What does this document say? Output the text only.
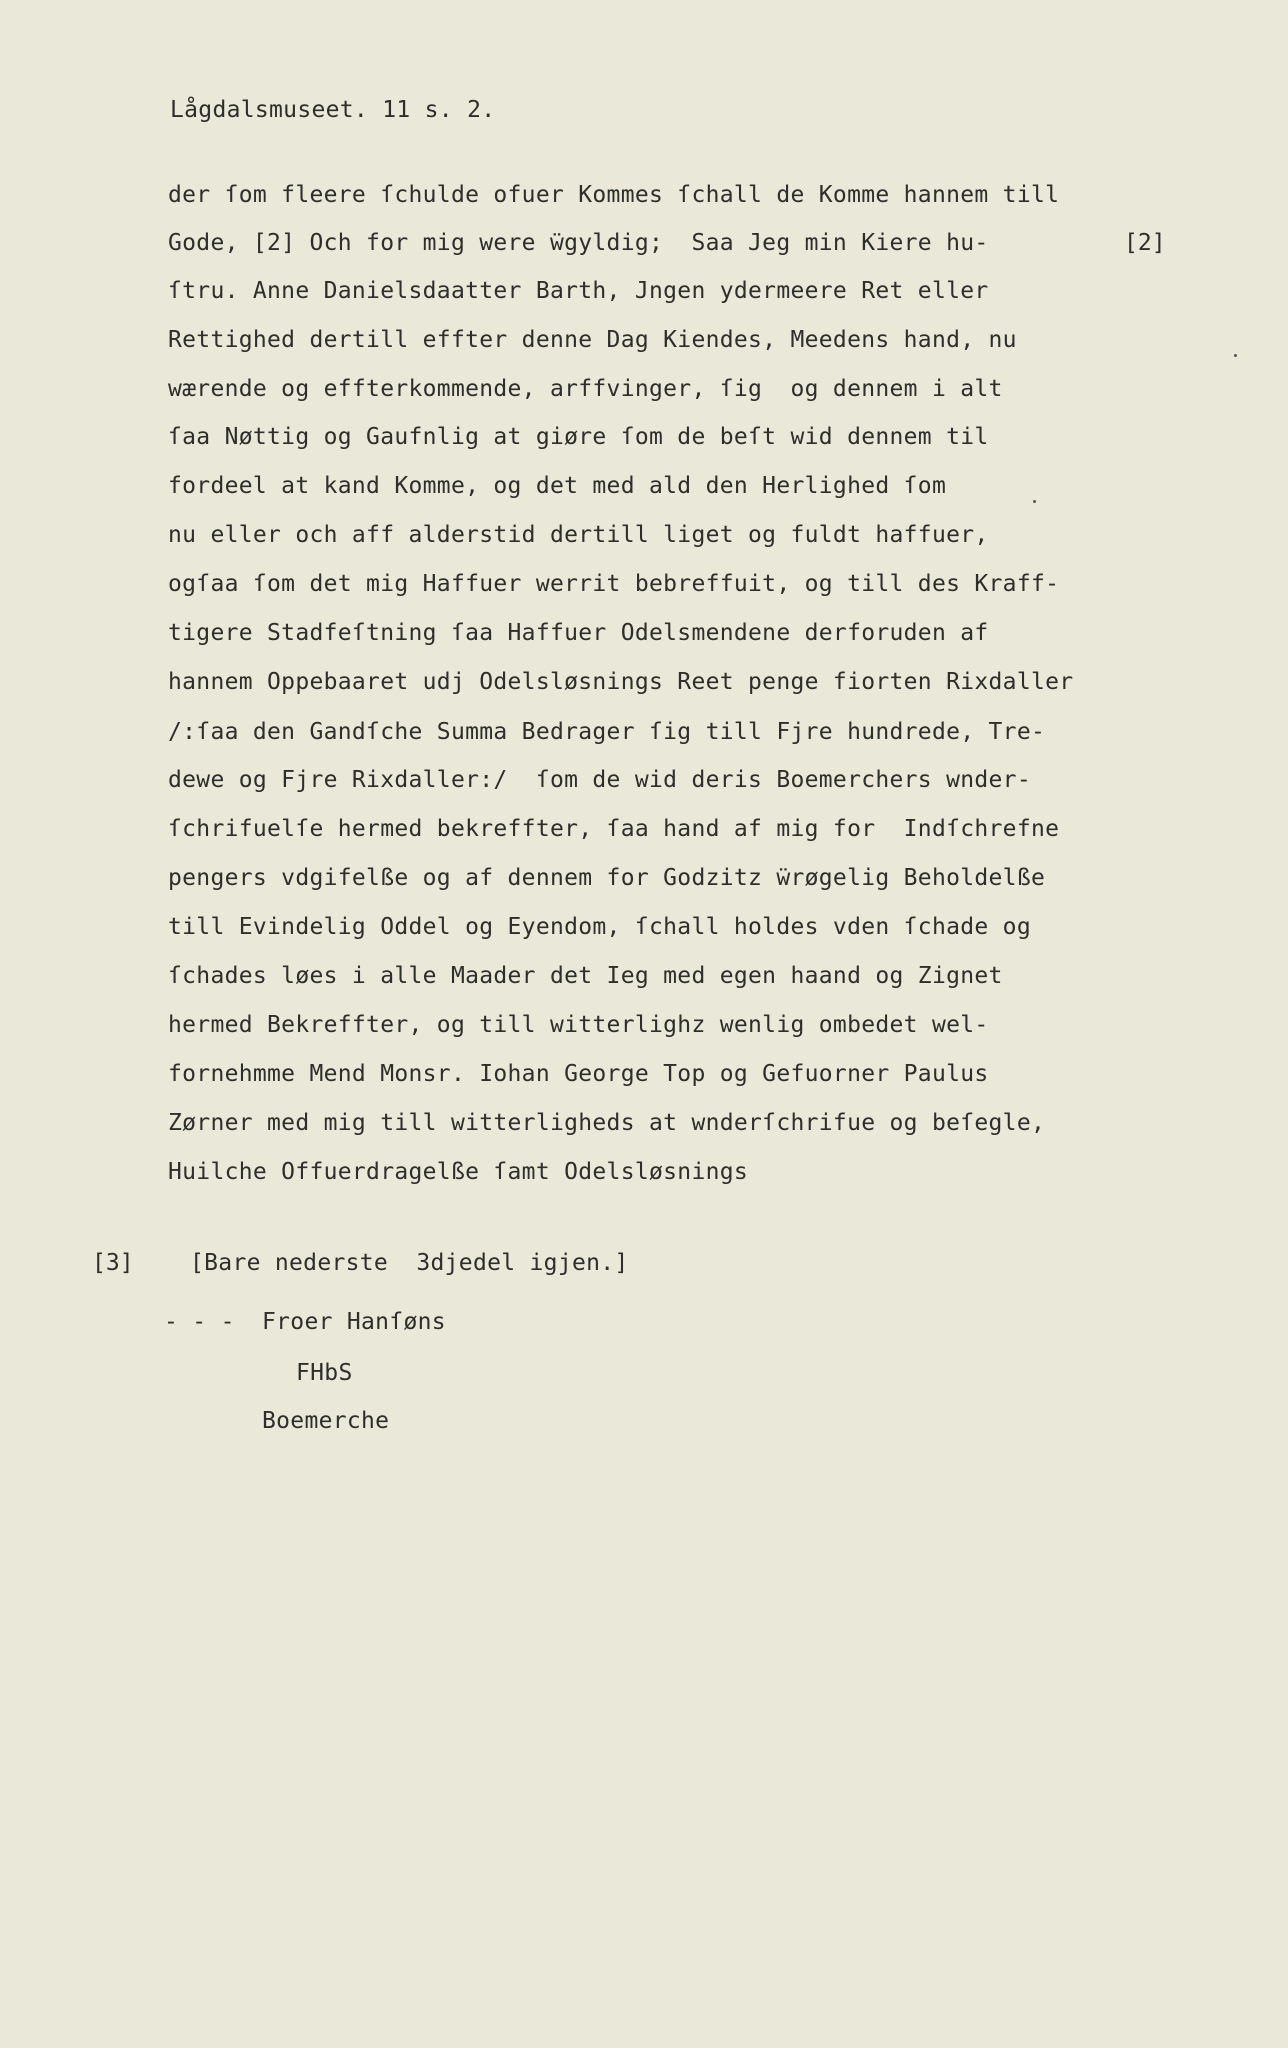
Lågdalsmuseet. 11 s. 2.
der ſom fleere ſchulde ofuer Kommes ſchall de Komme hannem till
Gode, [2] Och for mig were ẅgyldig;  Saa Jeg min Kiere hu-
ſtru. Anne Danielsdaatter Barth, Jngen ydermeere Ret eller
Rettighed dertill effter denne Dag Kiendes, Meedens hand, nu
wærende og effterkommende, arffvinger, ſig  og dennem i alt
ſaa Nøttig og Gaufnlig at giøre ſom de beſt wid dennem til
fordeel at kand Komme, og det med ald den Herlighed ſom
nu eller och aff alderstid dertill liget og fuldt haffuer,
ogſaa ſom det mig Haffuer werrit bebreffuit, og till des Kraff-
tigere Stadfeſtning ſaa Haffuer Odelsmendene derforuden af
hannem Oppebaaret udj Odelsløsnings Reet penge fiorten Rixdaller
/:ſaa den Gandſche Summa Bedrager ſig till Fjre hundrede, Tre-
dewe og Fjre Rixdaller:/  ſom de wid deris Boemerchers wnder-
ſchrifuelſe hermed bekreffter, ſaa hand af mig for  Indſchrefne
pengers vdgifelße og af dennem for Godzitz ẅrøgelig Beholdelße
till Evindelig Oddel og Eyendom, ſchall holdes vden ſchade og
ſchades løes i alle Maader det Ieg med egen haand og Zignet
hermed Bekreffter, og till witterlighz wenlig ombedet wel-
fornehmme Mend Monsr. Iohan George Top og Gefuorner Paulus
Zørner med mig till witterligheds at wnderſchrifue og beſegle,
Huilche Offuerdragelße ſamt Odelsløsnings
[2]
[3] [Bare nederste  3djedel igjen.]
- - - Froer Hanſøns
FHbS
Boemerche
